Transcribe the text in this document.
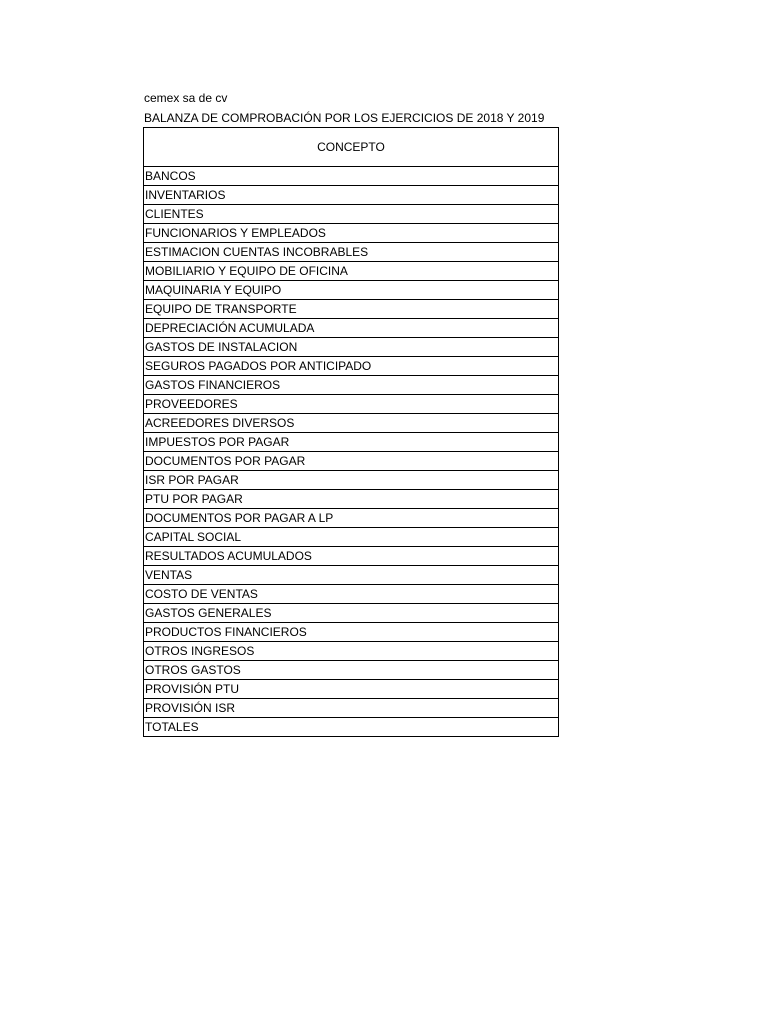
cemex sa de cv
BALANZA DE COMPROBACIÓN POR LOS EJERCICIOS DE 2018 Y 2019
CONCEPTO
BANCOS
INVENTARIOS
CLIENTES
FUNCIONARIOS Y EMPLEADOS
ESTIMACION CUENTAS INCOBRABLES
MOBILIARIO Y EQUIPO DE OFICINA
MAQUINARIA Y EQUIPO
EQUIPO DE TRANSPORTE
DEPRECIACIÓN ACUMULADA
GASTOS DE INSTALACION
SEGUROS PAGADOS POR ANTICIPADO
GASTOS FINANCIEROS
PROVEEDORES
ACREEDORES DIVERSOS
IMPUESTOS POR PAGAR
DOCUMENTOS POR PAGAR
ISR POR PAGAR
PTU POR PAGAR
DOCUMENTOS POR PAGAR A LP
CAPITAL SOCIAL
RESULTADOS ACUMULADOS
VENTAS
COSTO DE VENTAS
GASTOS GENERALES
PRODUCTOS FINANCIEROS
OTROS INGRESOS
OTROS GASTOS
PROVISIÓN PTU
PROVISIÓN ISR
TOTALES
